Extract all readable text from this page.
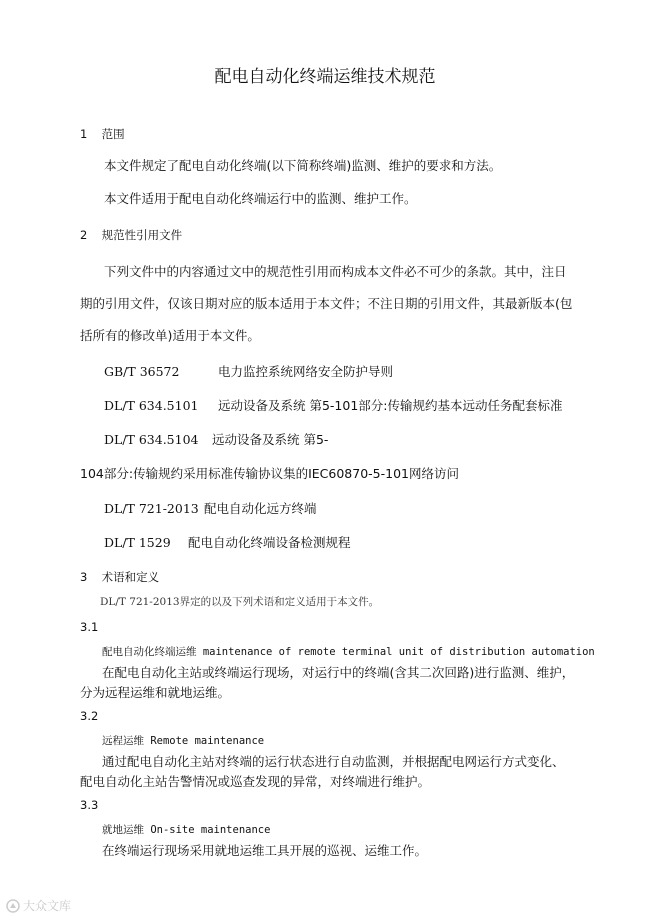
配电自动化终端运维技术规范
1 范围
本文件规定了配电自动化终端(以下简称终端)监测、维护的要求和方法。
本文件适用于配电自动化终端运行中的监测、维护工作。
2 规范性引用文件
下列文件中的内容通过文中的规范性引用而构成本文件必不可少的条款。其中，注日
期的引用文件，仅该日期对应的版本适用于本文件；不注日期的引用文件，其最新版本(包
括所有的修改单)适用于本文件。
GB/T 36572	电力监控系统网络安全防护导则
DL/T 634.5101 远动设备及系统 第5-101部分:传输规约基本远动任务配套标准
DL/T 634.5104 远动设备及系统 第5-
104部分:传输规约采用标准传输协议集的IEC60870-5-101网络访问
DL/T 721-2013 配电自动化远方终端
DL/T 1529 配电自动化终端设备检测规程
3 术语和定义
DL/T 721-2013界定的以及下列术语和定义适用于本文件。
3.1
配电自动化终端运维 maintenance of remote terminal unit of distribution automation
在配电自动化主站或终端运行现场，对运行中的终端(含其二次回路)进行监测、维护，
分为远程运维和就地运维。
3.2
远程运维 Remote maintenance
通过配电自动化主站对终端的运行状态进行自动监测，并根据配电网运行方式变化、
配电自动化主站告警情况或巡查发现的异常，对终端进行维护。
3.3
就地运维 On-site maintenance
在终端运行现场采用就地运维工具开展的巡视、运维工作。
大众文库
